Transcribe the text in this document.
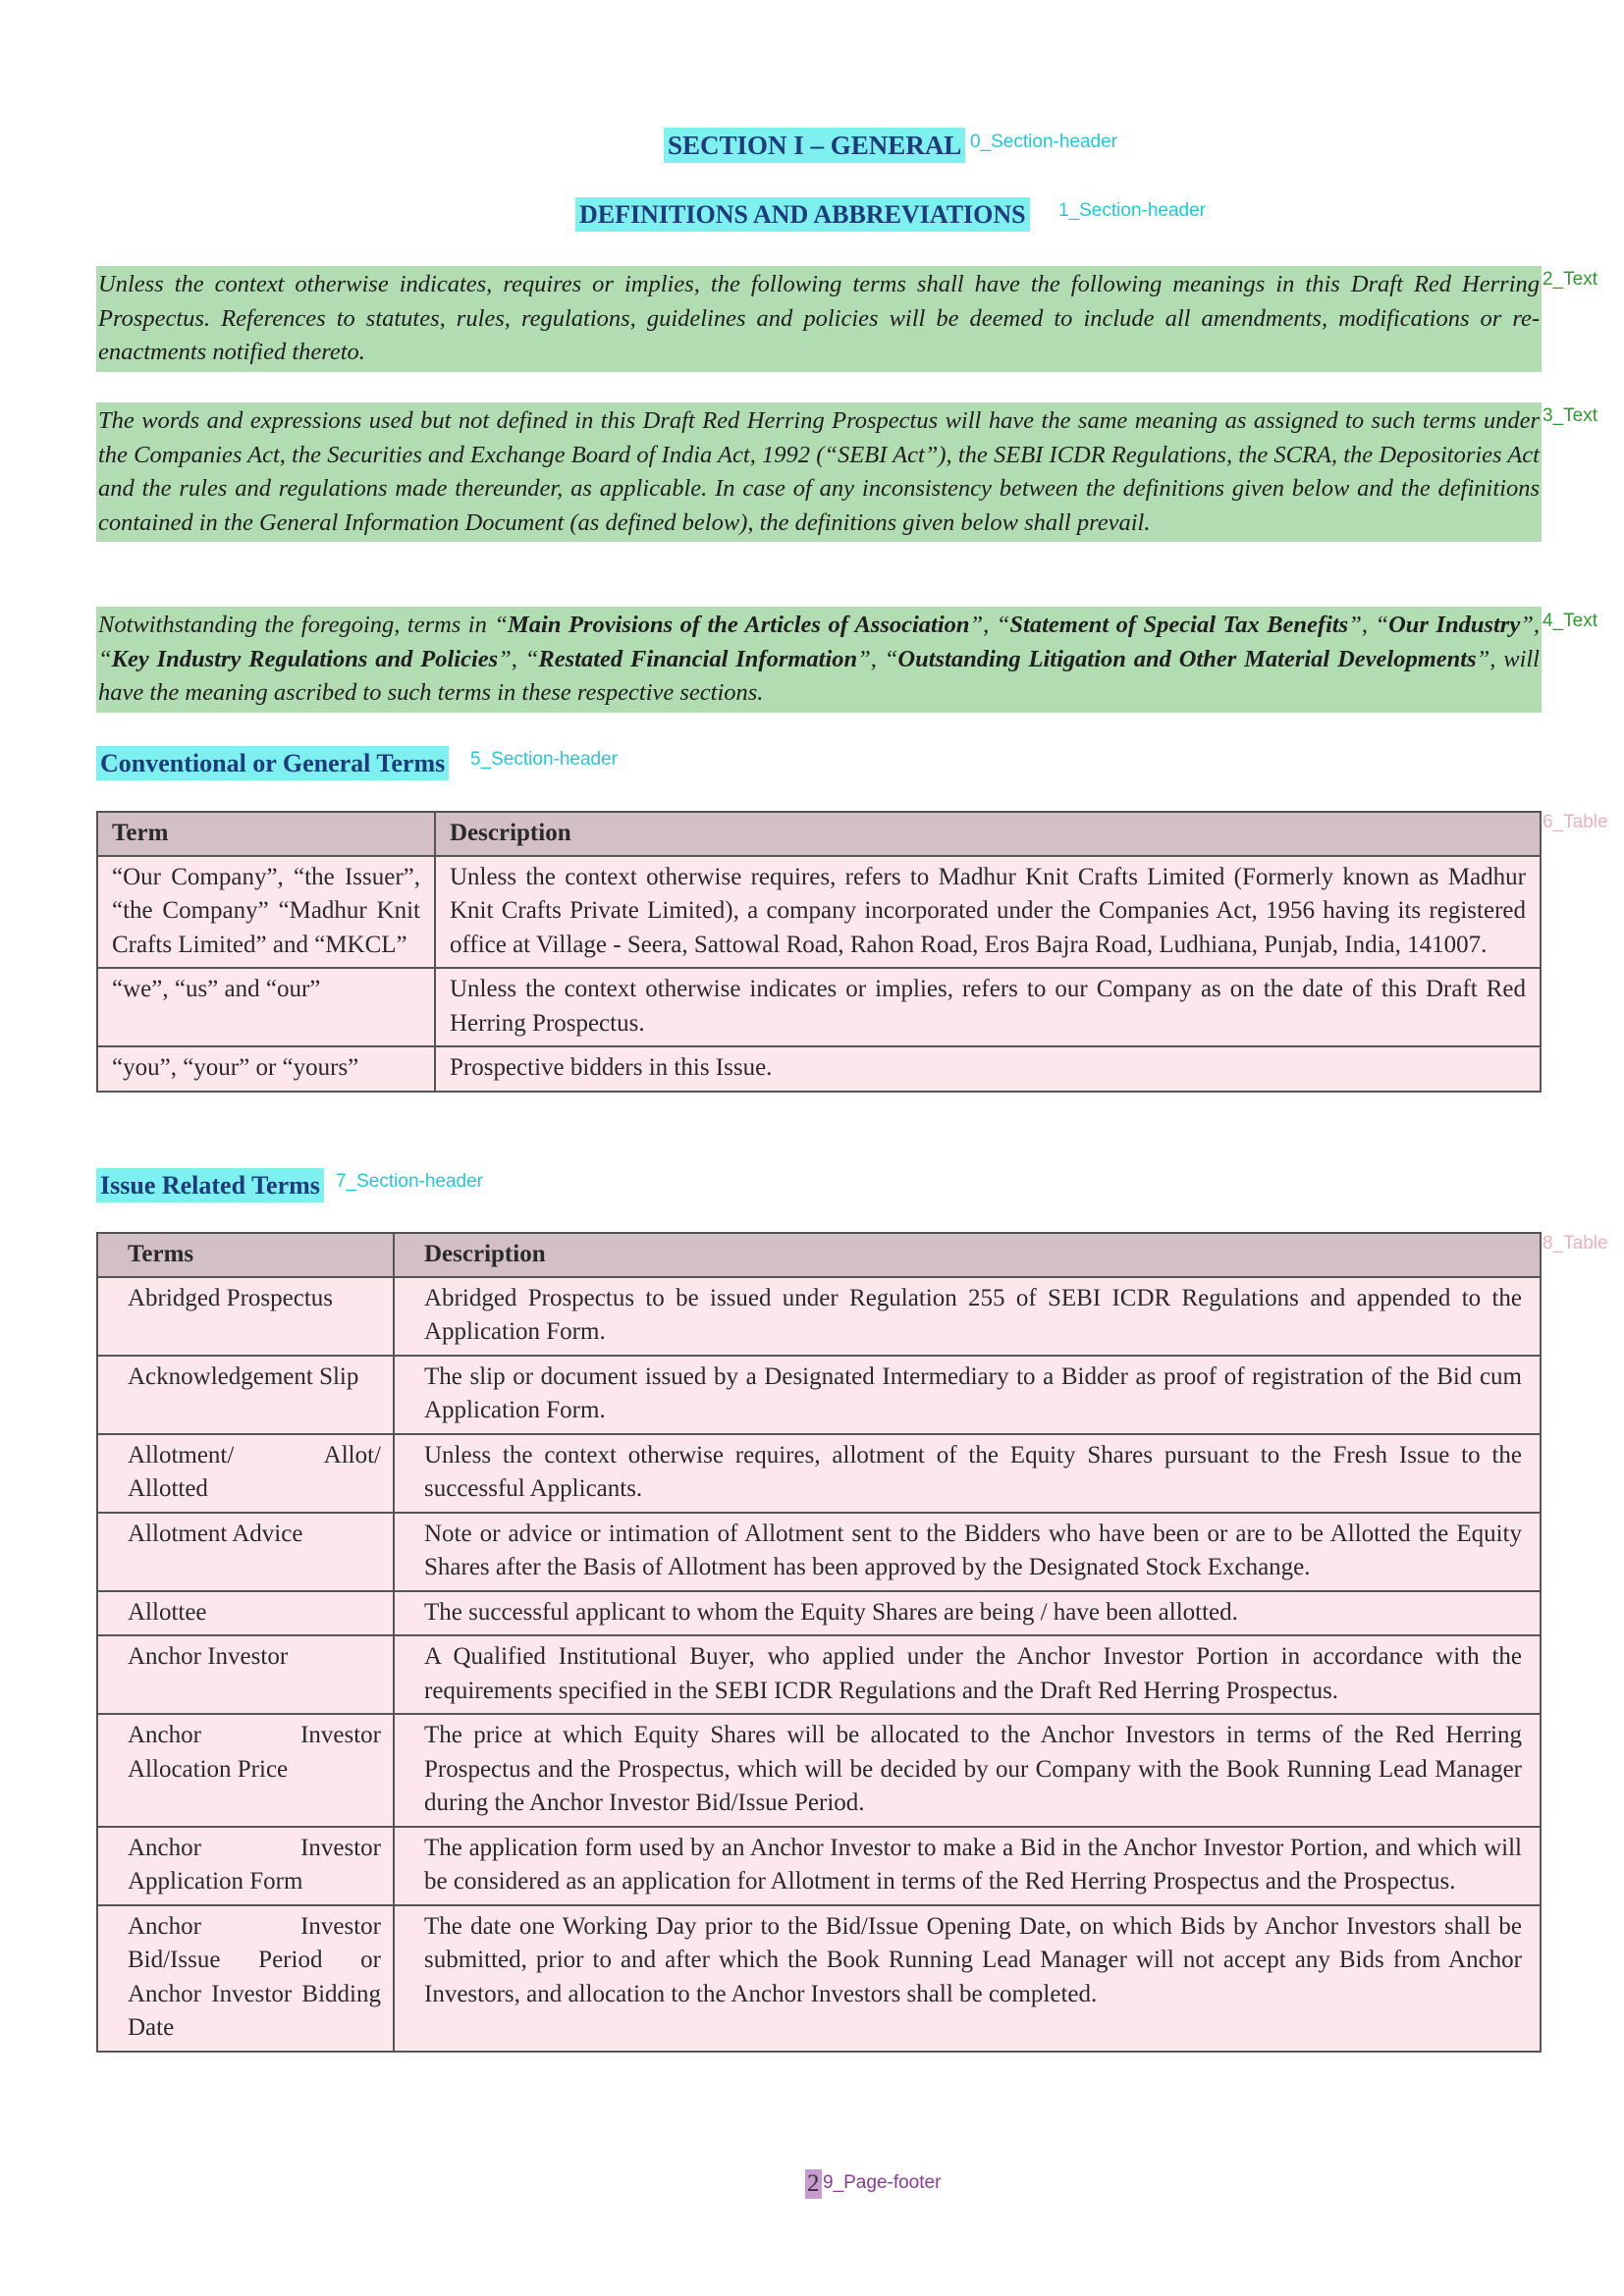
SECTION I – GENERAL 0_Section-header
DEFINITIONS AND ABBREVIATIONS 1_Section-header
Unless the context otherwise indicates, requires or implies, the following terms shall have the following meanings in this Draft Red Herring Prospectus. References to statutes, rules, regulations, guidelines and policies will be deemed to include all amendments, modifications or re-enactments notified thereto.
2_Text
The words and expressions used but not defined in this Draft Red Herring Prospectus will have the same meaning as assigned to such terms under the Companies Act, the Securities and Exchange Board of India Act, 1992 (“SEBI Act”), the SEBI ICDR Regulations, the SCRA, the Depositories Act and the rules and regulations made thereunder, as applicable. In case of any inconsistency between the definitions given below and the definitions contained in the General Information Document (as defined below), the definitions given below shall prevail.
3_Text
Notwithstanding the foregoing, terms in “Main Provisions of the Articles of Association”, “Statement of Special Tax Benefits”, “Our Industry”, “Key Industry Regulations and Policies”, “Restated Financial Information”, “Outstanding Litigation and Other Material Developments”, will have the meaning ascribed to such terms in these respective sections.
4_Text
Conventional or General Terms 5_Section-header
6_Table
Term	Description
“Our Company”, “the Issuer”, “the Company” “Madhur Knit Crafts Limited” and “MKCL”	Unless the context otherwise requires, refers to Madhur Knit Crafts Limited (Formerly known as Madhur Knit Crafts Private Limited), a company incorporated under the Companies Act, 1956 having its registered office at Village - Seera, Sattowal Road, Rahon Road, Eros Bajra Road, Ludhiana, Punjab, India, 141007.
“we”, “us” and “our”	Unless the context otherwise indicates or implies, refers to our Company as on the date of this Draft Red Herring Prospectus.
“you”, “your” or “yours”	Prospective bidders in this Issue.
Issue Related Terms 7_Section-header
8_Table
Terms	Description
Abridged Prospectus	Abridged Prospectus to be issued under Regulation 255 of SEBI ICDR Regulations and appended to the Application Form.
Acknowledgement Slip	The slip or document issued by a Designated Intermediary to a Bidder as proof of registration of the Bid cum Application Form.
Allotment/ Allot/ Allotted	Unless the context otherwise requires, allotment of the Equity Shares pursuant to the Fresh Issue to the successful Applicants.
Allotment Advice	Note or advice or intimation of Allotment sent to the Bidders who have been or are to be Allotted the Equity Shares after the Basis of Allotment has been approved by the Designated Stock Exchange.
Allottee	The successful applicant to whom the Equity Shares are being / have been allotted.
Anchor Investor	A Qualified Institutional Buyer, who applied under the Anchor Investor Portion in accordance with the requirements specified in the SEBI ICDR Regulations and the Draft Red Herring Prospectus.
Anchor Investor Allocation Price	The price at which Equity Shares will be allocated to the Anchor Investors in terms of the Red Herring Prospectus and the Prospectus, which will be decided by our Company with the Book Running Lead Manager during the Anchor Investor Bid/Issue Period.
Anchor Investor Application Form	The application form used by an Anchor Investor to make a Bid in the Anchor Investor Portion, and which will be considered as an application for Allotment in terms of the Red Herring Prospectus and the Prospectus.
Anchor Investor Bid/Issue Period or Anchor Investor Bidding Date	The date one Working Day prior to the Bid/Issue Opening Date, on which Bids by Anchor Investors shall be submitted, prior to and after which the Book Running Lead Manager will not accept any Bids from Anchor Investors, and allocation to the Anchor Investors shall be completed.
2 9_Page-footer
